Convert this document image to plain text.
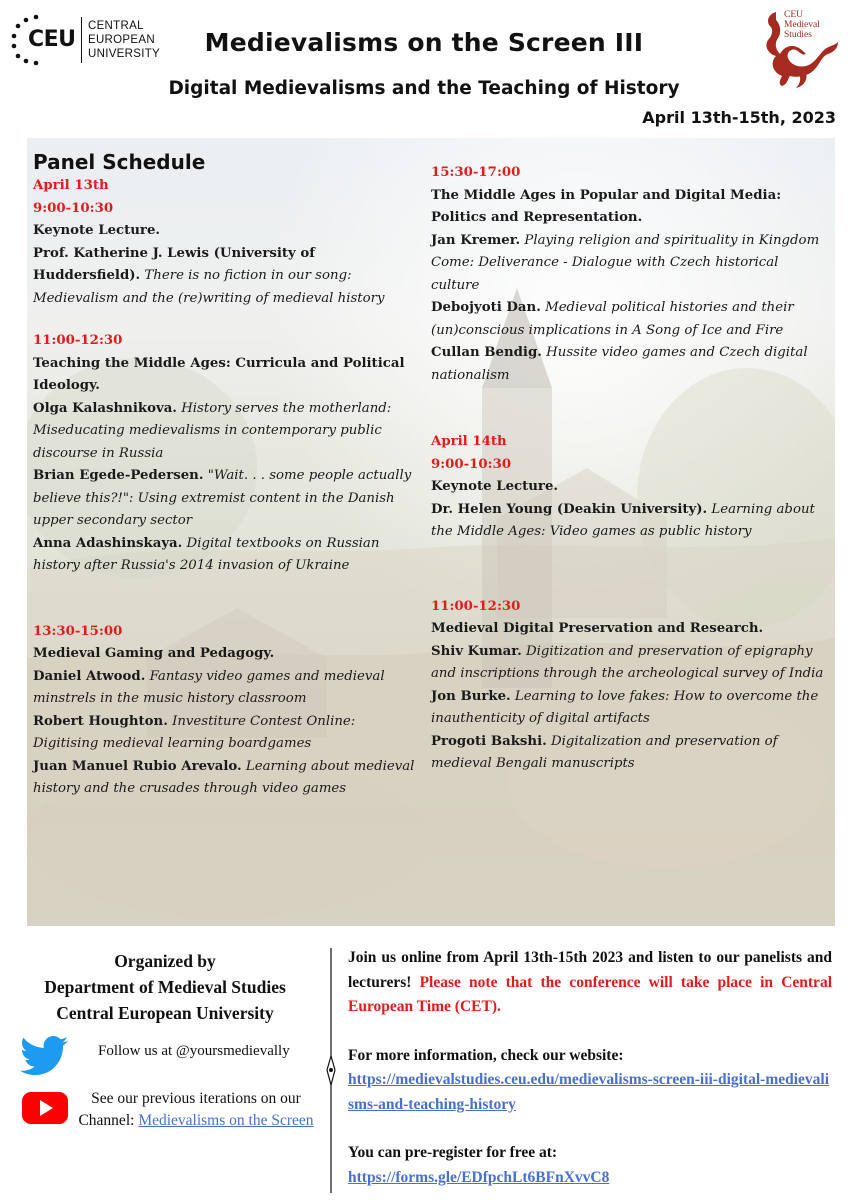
CEU
CENTRAL
EUROPEAN
UNIVERSITY
CEU
Medieval
Studies
Medievalisms on the Screen III
Digital Medievalisms and the Teaching of History
April 13th-15th, 2023
Panel Schedule
April 13th
9:00-10:30
Keynote Lecture.
Prof. Katherine J. Lewis (University of Huddersfield). There is no fiction in our song: Medievalism and the (re)writing of medieval history
11:00-12:30
Teaching the Middle Ages: Curricula and Political Ideology.
Olga Kalashnikova. History serves the motherland: Miseducating medievalisms in contemporary public discourse in Russia
Brian Egede-Pedersen. "Wait. . . some people actually believe this?!": Using extremist content in the Danish upper secondary sector
Anna Adashinskaya. Digital textbooks on Russian history after Russia's 2014 invasion of Ukraine
13:30-15:00
Medieval Gaming and Pedagogy.
Daniel Atwood. Fantasy video games and medieval minstrels in the music history classroom
Robert Houghton. Investiture Contest Online: Digitising medieval learning boardgames
Juan Manuel Rubio Arevalo. Learning about medieval history and the crusades through video games
15:30-17:00
The Middle Ages in Popular and Digital Media: Politics and Representation.
Jan Kremer. Playing religion and spirituality in Kingdom Come: Deliverance - Dialogue with Czech historical culture
Debojyoti Dan. Medieval political histories and their (un)conscious implications in A Song of Ice and Fire
Cullan Bendig. Hussite video games and Czech digital nationalism
April 14th
9:00-10:30
Keynote Lecture.
Dr. Helen Young (Deakin University). Learning about the Middle Ages: Video games as public history
11:00-12:30
Medieval Digital Preservation and Research.
Shiv Kumar. Digitization and preservation of epigraphy and inscriptions through the archeological survey of India
Jon Burke. Learning to love fakes: How to overcome the inauthenticity of digital artifacts
Progoti Bakshi. Digitalization and preservation of medieval Bengali manuscripts
Organized by
Department of Medieval Studies
Central European University
Follow us at @yoursmedievally
See our previous iterations on our Channel: Medievalisms on the Screen

Join us online from April 13th-15th 2023 and listen to our panelists and lecturers! Please note that the conference will take place in Central European Time (CET).

For more information, check our website:
https://medievalstudies.ceu.edu/medievalisms-screen-iii-digital-medievalisms-and-teaching-history

You can pre-register for free at:
https://forms.gle/EDfpchLt6BFnXvvC8
